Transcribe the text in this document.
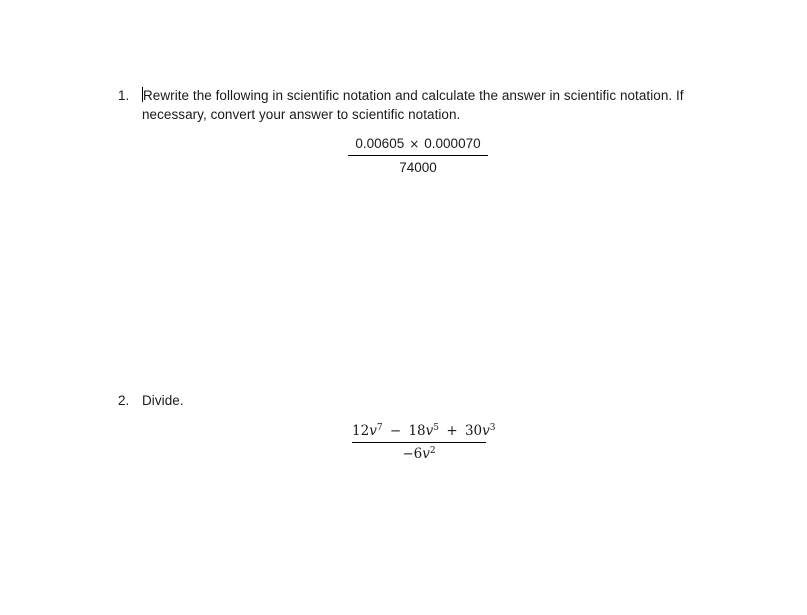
1. Rewrite the following in scientific notation and calculate the answer in scientific notation. If
necessary, convert your answer to scientific notation.
0.00605 × 0.000070
74000
2. Divide.
$12v^7 - 18v^5 + 30v^3$
$-6v^2$
